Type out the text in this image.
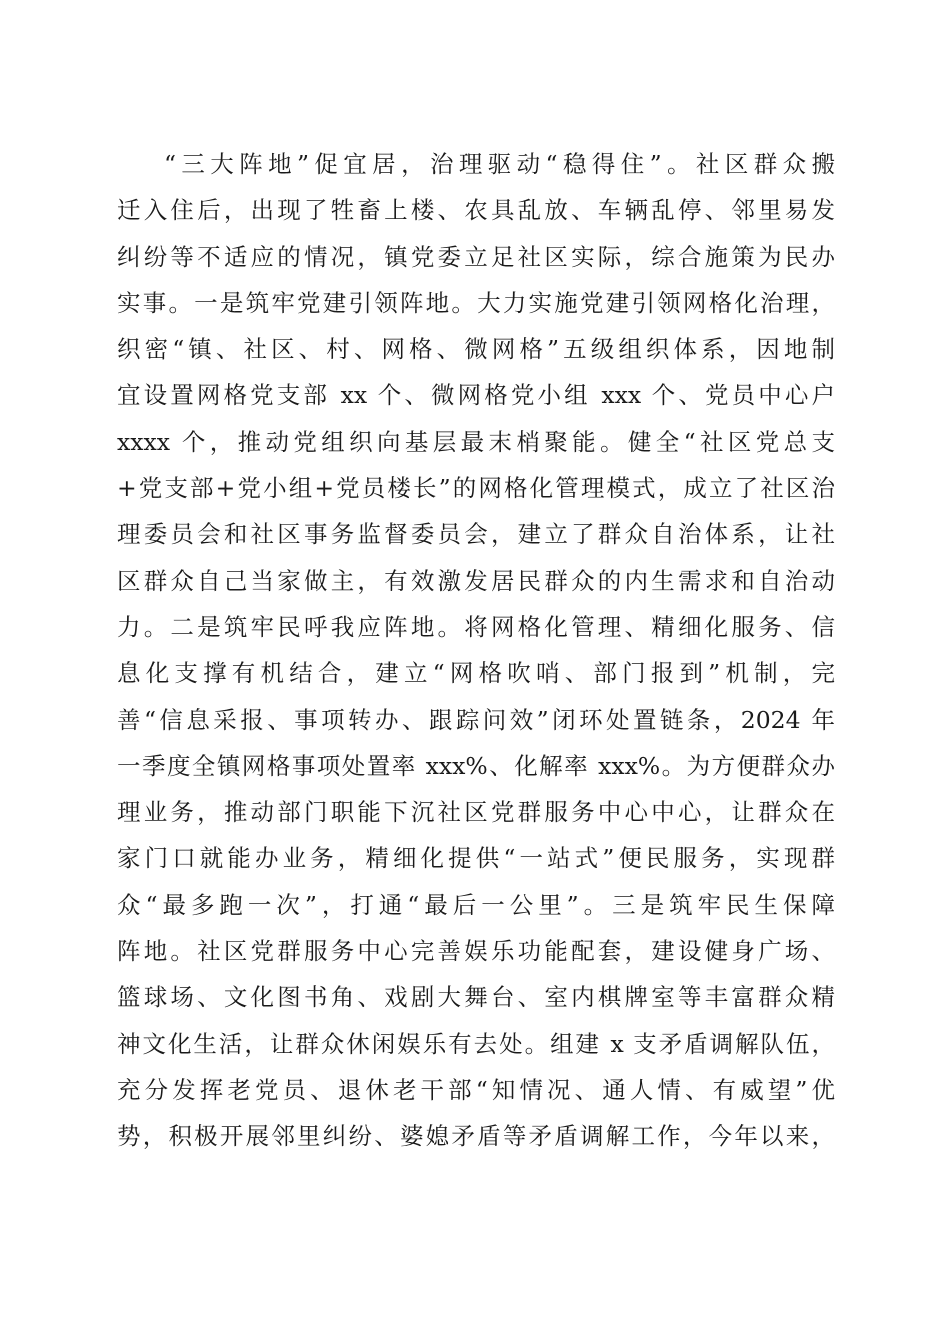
“三大阵地”促宜居，治理驱动“稳得住”。社区群众搬
迁入住后，出现了牲畜上楼、农具乱放、车辆乱停、邻里易发
纠纷等不适应的情况，镇党委立足社区实际，综合施策为民办
实事。一是筑牢党建引领阵地。大力实施党建引领网格化治理，
织密“镇、社区、村、网格、微网格”五级组织体系，因地制
宜设置网格党支部 xx 个、微网格党小组 xxx 个、党员中心户
xxxx 个，推动党组织向基层最末梢聚能。健全“社区党总支
+党支部+党小组+党员楼长”的网格化管理模式，成立了社区治
理委员会和社区事务监督委员会，建立了群众自治体系，让社
区群众自己当家做主，有效激发居民群众的内生需求和自治动
力。二是筑牢民呼我应阵地。将网格化管理、精细化服务、信
息化支撑有机结合，建立“网格吹哨、部门报到”机制，完
善“信息采报、事项转办、跟踪问效”闭环处置链条，2024 年
一季度全镇网格事项处置率 xxx%、化解率 xxx%。为方便群众办
理业务，推动部门职能下沉社区党群服务中心中心，让群众在
家门口就能办业务，精细化提供“一站式”便民服务，实现群
众“最多跑一次”，打通“最后一公里”。三是筑牢民生保障
阵地。社区党群服务中心完善娱乐功能配套，建设健身广场、
篮球场、文化图书角、戏剧大舞台、室内棋牌室等丰富群众精
神文化生活，让群众休闲娱乐有去处。组建 x 支矛盾调解队伍，
充分发挥老党员、退休老干部“知情况、通人情、有威望”优
势，积极开展邻里纠纷、婆媳矛盾等矛盾调解工作，今年以来，
